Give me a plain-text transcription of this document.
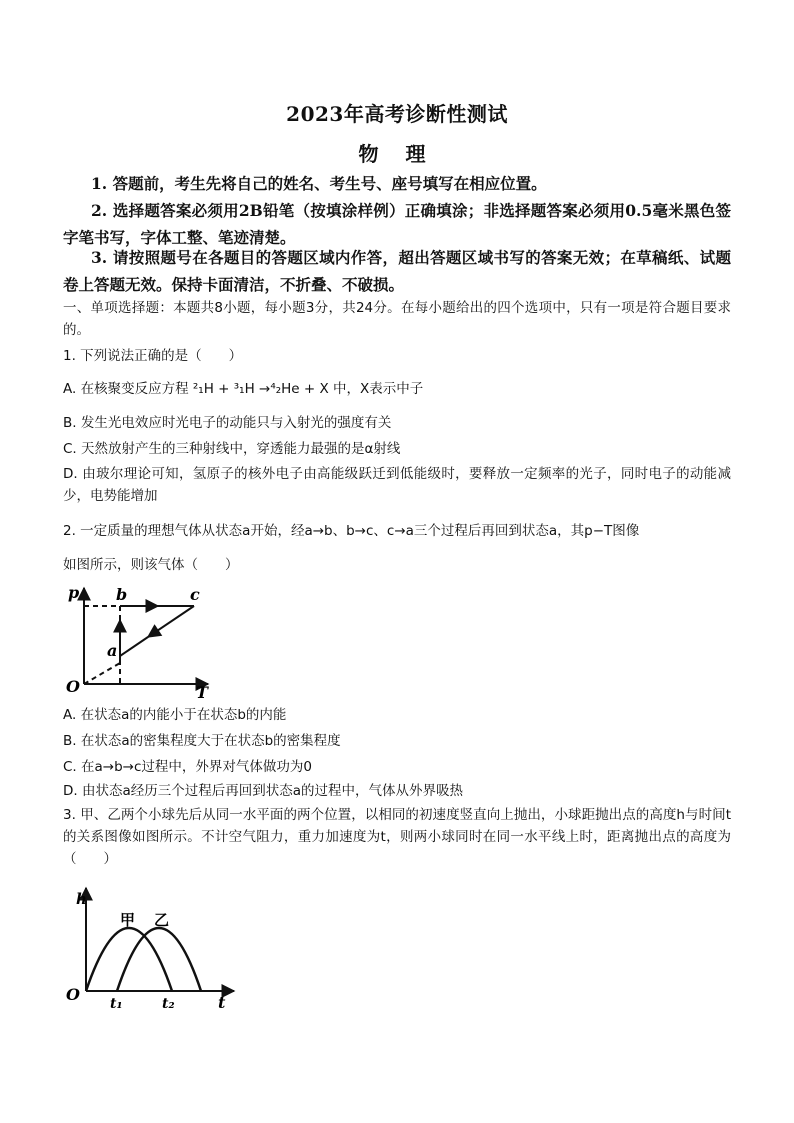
2023年高考诊断性测试
物 理
1. 答题前，考生先将自己的姓名、考生号、座号填写在相应位置。
2. 选择题答案必须用2B铅笔（按填涂样例）正确填涂；非选择题答案必须用0.5毫米黑色签字笔书写，字体工整、笔迹清楚。
3. 请按照题号在各题目的答题区域内作答，超出答题区域书写的答案无效；在草稿纸、试题卷上答题无效。保持卡面清洁，不折叠、不破损。
一、单项选择题：本题共8小题，每小题3分，共24分。在每小题给出的四个选项中，只有一项是符合题目要求的。
1. 下列说法正确的是（　　）
A. 在核聚变反应方程 ²₁H + ³₁H →⁴₂He + X 中，X表示中子
B. 发生光电效应时光电子的动能只与入射光的强度有关
C. 天然放射产生的三种射线中，穿透能力最强的是α射线
D. 由玻尔理论可知，氢原子的核外电子由高能级跃迁到低能级时，要释放一定频率的光子，同时电子的动能减少，电势能增加
2. 一定质量的理想气体从状态a开始，经a→b、b→c、c→a三个过程后再回到状态a，其p−T图像
如图所示，则该气体（　　）
p
T
O
a
b	c
A. 在状态a的内能小于在状态b的内能
B. 在状态a的密集程度大于在状态b的密集程度
C. 在a→b→c过程中，外界对气体做功为0
D. 由状态a经历三个过程后再回到状态a的过程中，气体从外界吸热
3. 甲、乙两个小球先后从同一水平面的两个位置，以相同的初速度竖直向上抛出，小球距抛出点的高度h与时间t的关系图像如图所示。不计空气阻力，重力加速度为t，则两小球同时在同一水平线上时，距离抛出点的高度为（　　）
h
t
O t₁	t₂
甲 乙
